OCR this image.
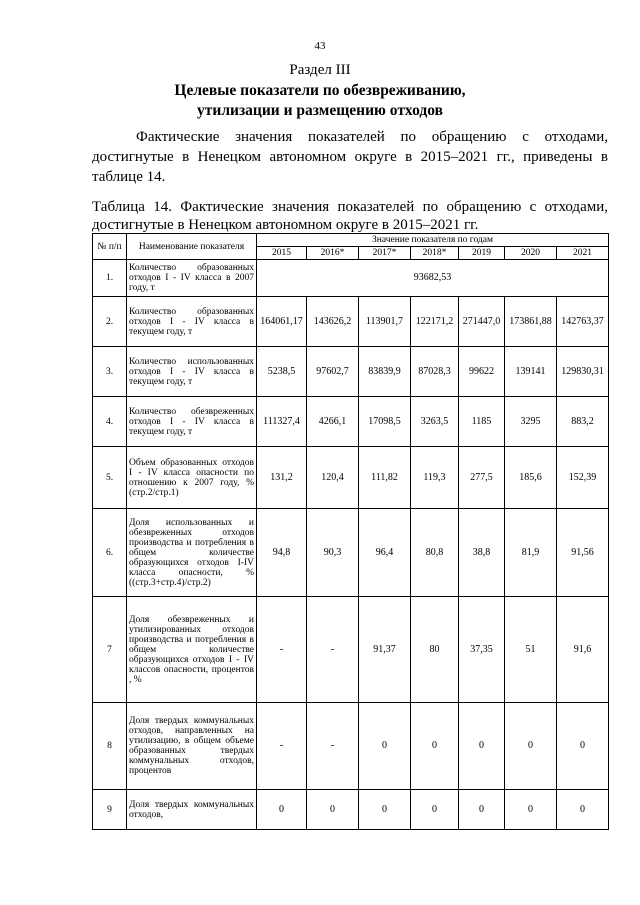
43
Раздел III
Целевые показатели по обезвреживанию,
утилизации и размещению отходов
Фактические значения показателей по обращению с отходами, достигнутые в Ненецком автономном округе в 2015–2021 гг., приведены в таблице 14.
Таблица 14. Фактические значения показателей по обращению с отходами, достигнутые в Ненецком автономном округе в 2015–2021 гг.
№ п/п	Наименование показателя	Значение показателя по годам						
		2015	2016*	2017*	2018*	2019	2020	2021
1.	Количество образованных отходов I - IV класса в 2007 году, т	93682,53						
2.	Количество образованных отходов I - IV класса в текущем году, т	164061,17	143626,2	113901,7	122171,2	271447,0	173861,88	142763,37
3.	Количество использованных отходов I - IV класса в текущем году, т	5238,5	97602,7	83839,9	87028,3	99622	139141	129830,31
4.	Количество обезвреженных отходов I - IV класса в текущем году, т	111327,4	4266,1	17098,5	3263,5	1185	3295	883,2
5.	Объем образованных отходов I - IV класса опасности по отношению к 2007 году, % (стр.2/стр.1)	131,2	120,4	111,82	119,3	277,5	185,6	152,39
6.	Доля использованных и обезвреженных отходов производства и потребления в общем количестве образующихся отходов I-IV класса опасности, % ((стр.3+стр.4)/стр.2)	94,8	90,3	96,4	80,8	38,8	81,9	91,56
7	Доля обезвреженных и утилизированных отходов производства и потребления в общем количестве образующихся отходов I - IV классов опасности, процентов , %	-	-	91,37	80	37,35	51	91,6
8	Доля твердых коммунальных отходов, направленных на утилизацию, в общем объеме образованных твердых коммунальных отходов, процентов	-	-	0	0	0	0	0
9	Доля твердых коммунальных отходов,	0	0	0	0	0	0	0
